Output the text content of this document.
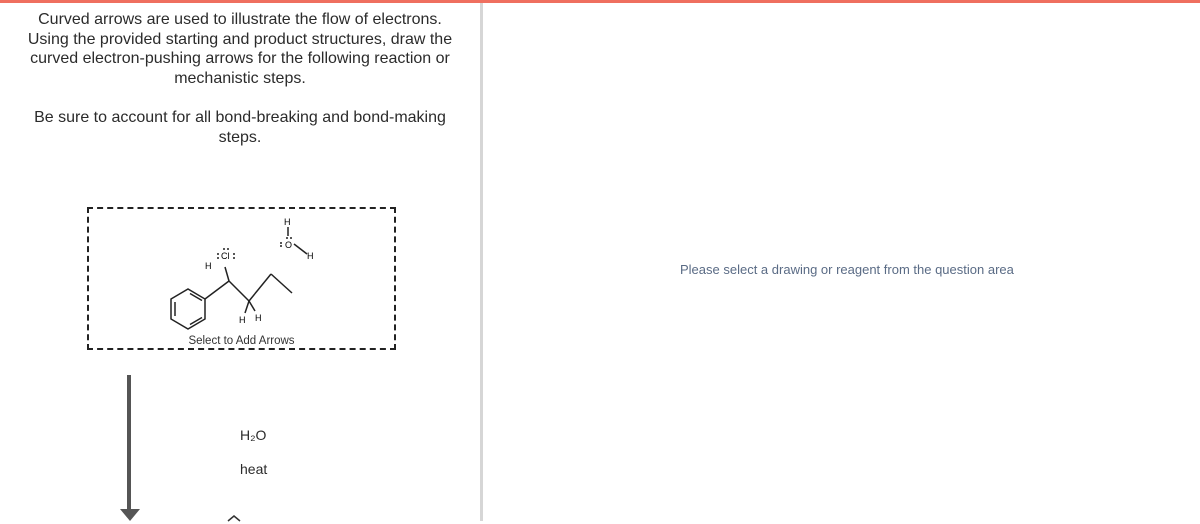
Curved arrows are used to illustrate the flow of electrons. Using the provided starting and product structures, draw the curved electron-pushing arrows for the following reaction or mechanistic steps.

Be sure to account for all bond-breaking and bond-making steps.

H
Cl
H
O
H
H H
Select to Add Arrows
H₂O
heat
Please select a drawing or reagent from the question area
